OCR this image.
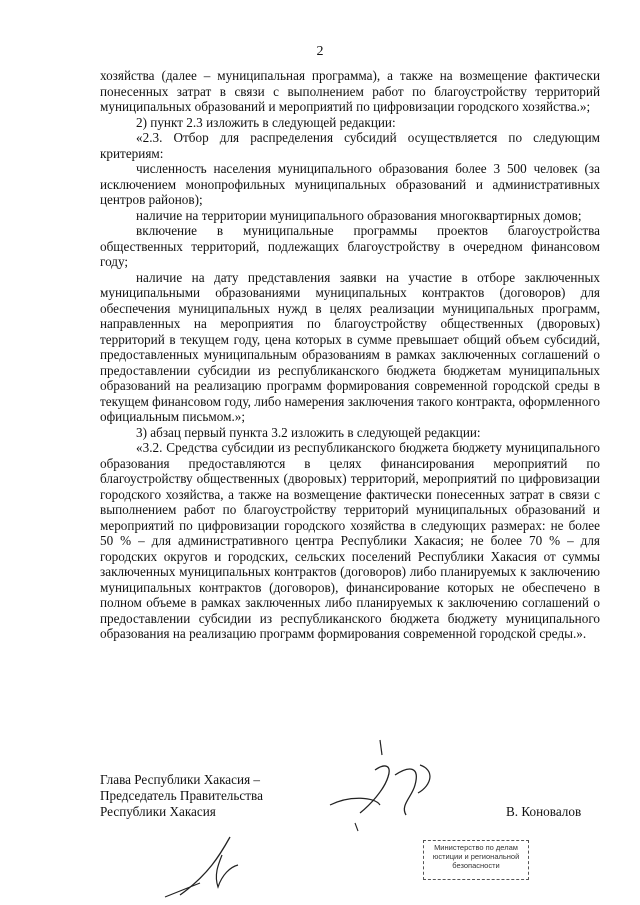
2

хозяйства (далее – муниципальная программа), а также на возмещение фактически понесенных затрат в связи с выполнением работ по благоустройству территорий муниципальных образований и мероприятий по цифровизации городского хозяйства.»;

2) пункт 2.3 изложить в следующей редакции:

«2.3. Отбор для распределения субсидий осуществляется по следующим критериям:

численность населения муниципального образования более 3 500 человек (за исключением монопрофильных муниципальных образований и административных центров районов);

наличие на территории муниципального образования многоквартирных домов;

включение в муниципальные программы проектов благоустройства общественных территорий, подлежащих благоустройству в очередном финансовом году;

наличие на дату представления заявки на участие в отборе заключенных муниципальными образованиями муниципальных контрактов (договоров) для обеспечения муниципальных нужд в целях реализации муниципальных программ, направленных на мероприятия по благоустройству общественных (дворовых) территорий в текущем году, цена которых в сумме превышает общий объем субсидий, предоставленных муниципальным образованиям в рамках заключенных соглашений о предоставлении субсидии из республиканского бюджета бюджетам муниципальных образований на реализацию программ формирования современной городской среды в текущем финансовом году, либо намерения заключения такого контракта, оформленного официальным письмом.»;

3) абзац первый пункта 3.2 изложить в следующей редакции:

«3.2. Средства субсидии из республиканского бюджета бюджету муниципального образования предоставляются в целях финансирования мероприятий по благоустройству общественных (дворовых) территорий, мероприятий по цифровизации городского хозяйства, а также на возмещение фактически понесенных затрат в связи с выполнением работ по благоустройству территорий муниципальных образований и мероприятий по цифровизации городского хозяйства в следующих размерах: не более 50 % – для административного центра Республики Хакасия; не более 70 % – для городских округов и городских, сельских поселений Республики Хакасия от суммы заключенных муниципальных контрактов (договоров) либо планируемых к заключению муниципальных контрактов (договоров), финансирование которых не обеспечено в полном объеме в рамках заключенных либо планируемых к заключению соглашений о предоставлении субсидии из республиканского бюджета бюджету муниципального образования на реализацию программ формирования современной городской среды.».

Глава Республики Хакасия –
Председатель Правительства
Республики Хакасия	В. Коновалов
Министерство по делам
юстиции и региональной
безопасности
